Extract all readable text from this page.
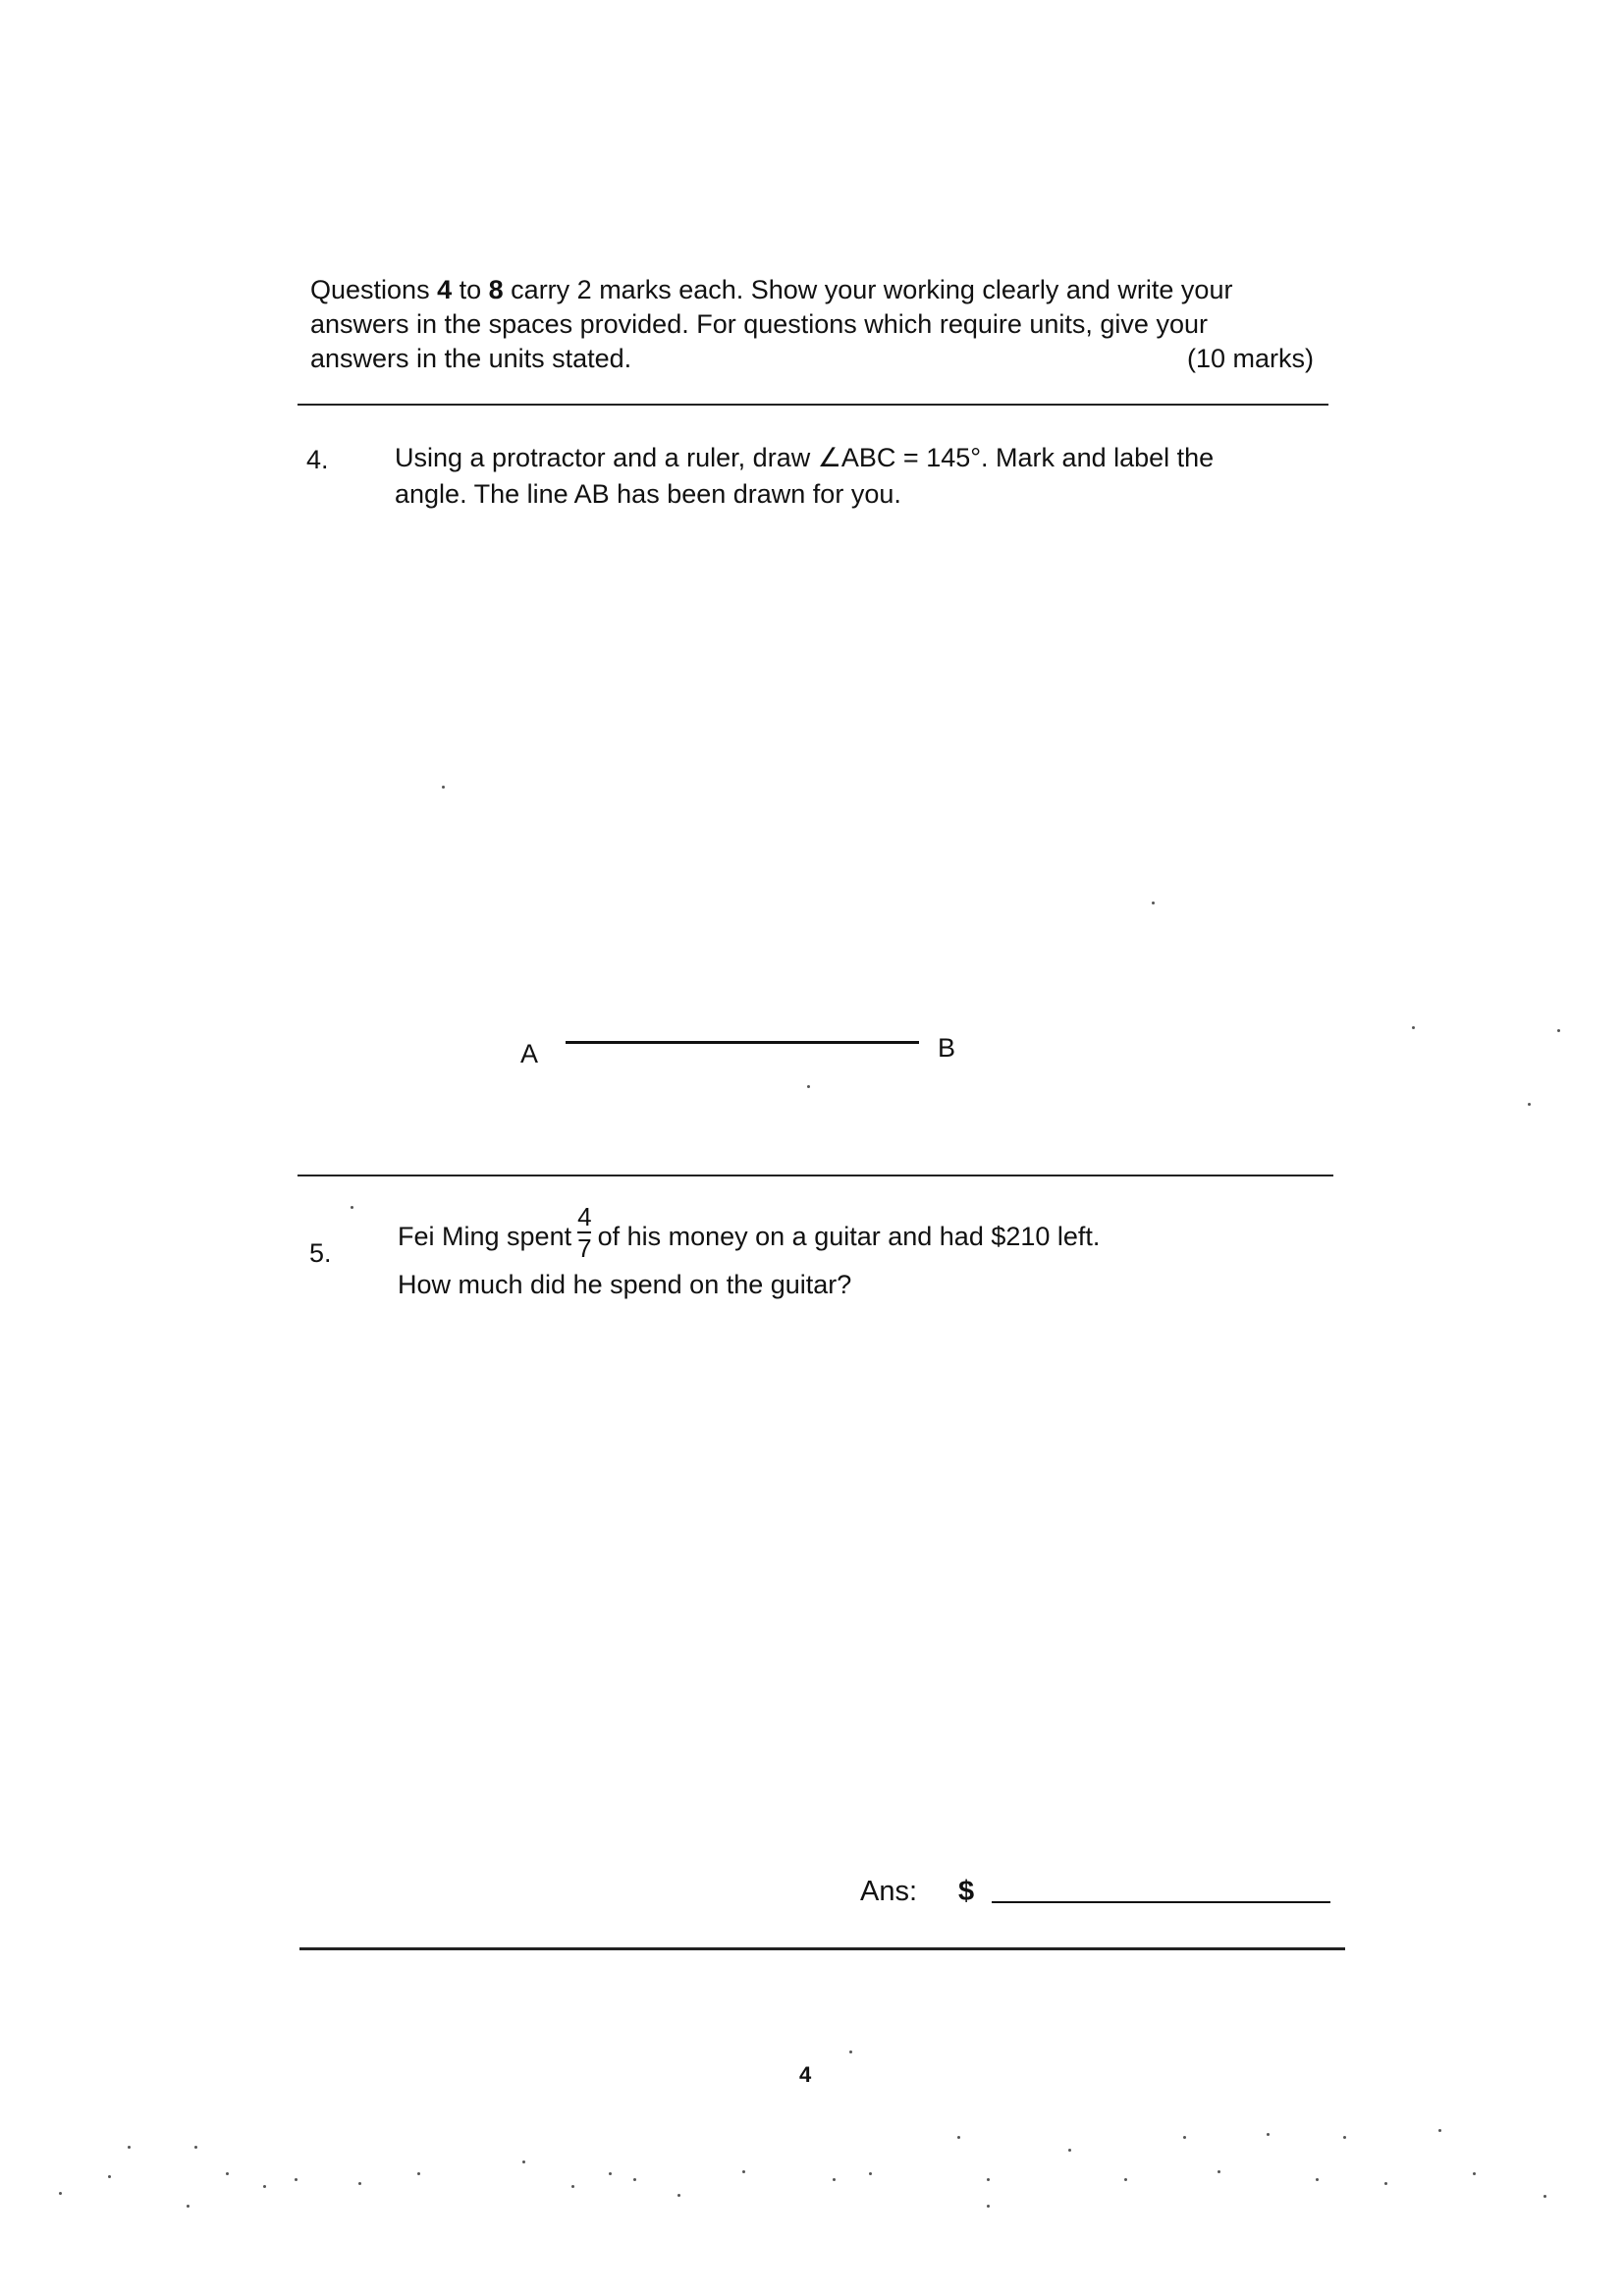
Questions 4 to 8 carry 2 marks each. Show your working clearly and write your
answers in the spaces provided. For questions which require units, give your
answers in the units stated.	(10 marks)
4. Using a protractor and a ruler, draw ∠ABC = 145°. Mark and label the
angle. The line AB has been drawn for you.
A	B
5.
Fei Ming spent $\frac{4}{7}$ of his money on a guitar and had $210 left.
How much did he spend on the guitar?
Ans: $
4
